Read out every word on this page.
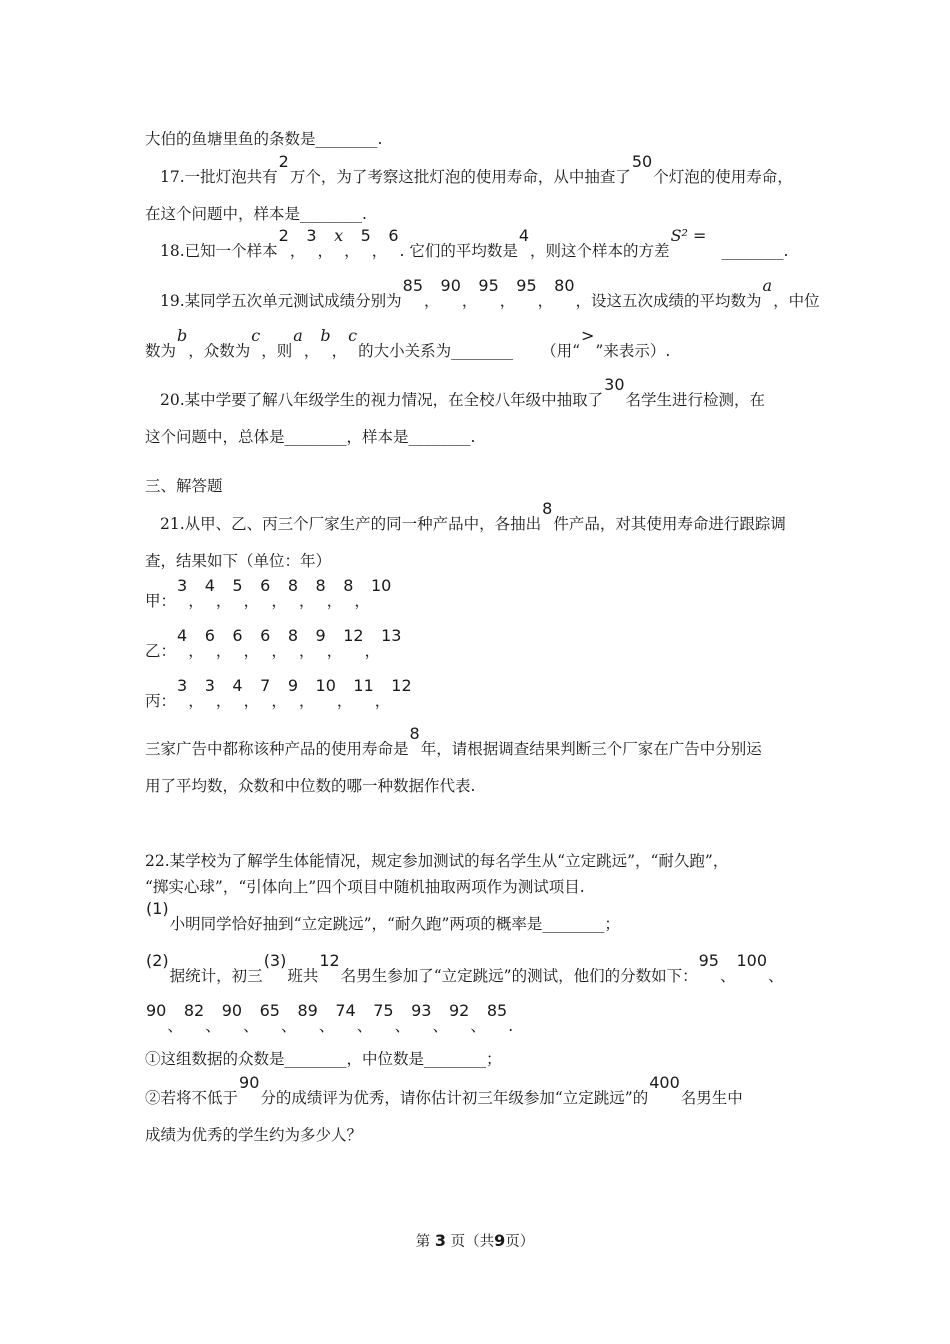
大伯的鱼塘里鱼的条数是________.
17.一批灯泡共有2万个，为了考察这批灯泡的使用寿命，从中抽查了50个灯泡的使用寿命，
在这个问题中，样本是________.
18.已知一个样本2，3，x，5，6. 它们的平均数是4，则这个样本的方差S² =________.
19.某同学五次单元测试成绩分别为85，90，95，95，80，设这五次成绩的平均数为a，中位
数为b，众数为c，则a，b，c的大小关系为________ （用“>”来表示）.
20.某中学要了解八年级学生的视力情况，在全校八年级中抽取了30名学生进行检测，在
这个问题中，总体是________，样本是________.
三、解答题
21.从甲、乙、丙三个厂家生产的同一种产品中，各抽出8件产品，对其使用寿命进行跟踪调
查，结果如下（单位：年）
甲：3，4，5，6，8，8，8，10
乙：4，6，6，6，8，9，12，13
丙：3，3，4，7，9，10，11，12
三家广告中都称该种产品的使用寿命是8年，请根据调查结果判断三个厂家在广告中分别运
用了平均数，众数和中位数的哪一种数据作代表.
22.某学校为了解学生体能情况，规定参加测试的每名学生从“立定跳远”，“耐久跑”，
“掷实心球”，“引体向上”四个项目中随机抽取两项作为测试项目.
(1)小明同学恰好抽到“立定跳远”，“耐久跑”两项的概率是________；
(2)据统计，初三(3)班共12名男生参加了“立定跳远”的测试，他们的分数如下：95、100、
90、82、90、65、89、74、75、93、92、85.
①这组数据的众数是________，中位数是________；
②若将不低于90分的成绩评为优秀，请你估计初三年级参加“立定跳远”的400名男生中
成绩为优秀的学生约为多少人？
第 3 页（共9页）
